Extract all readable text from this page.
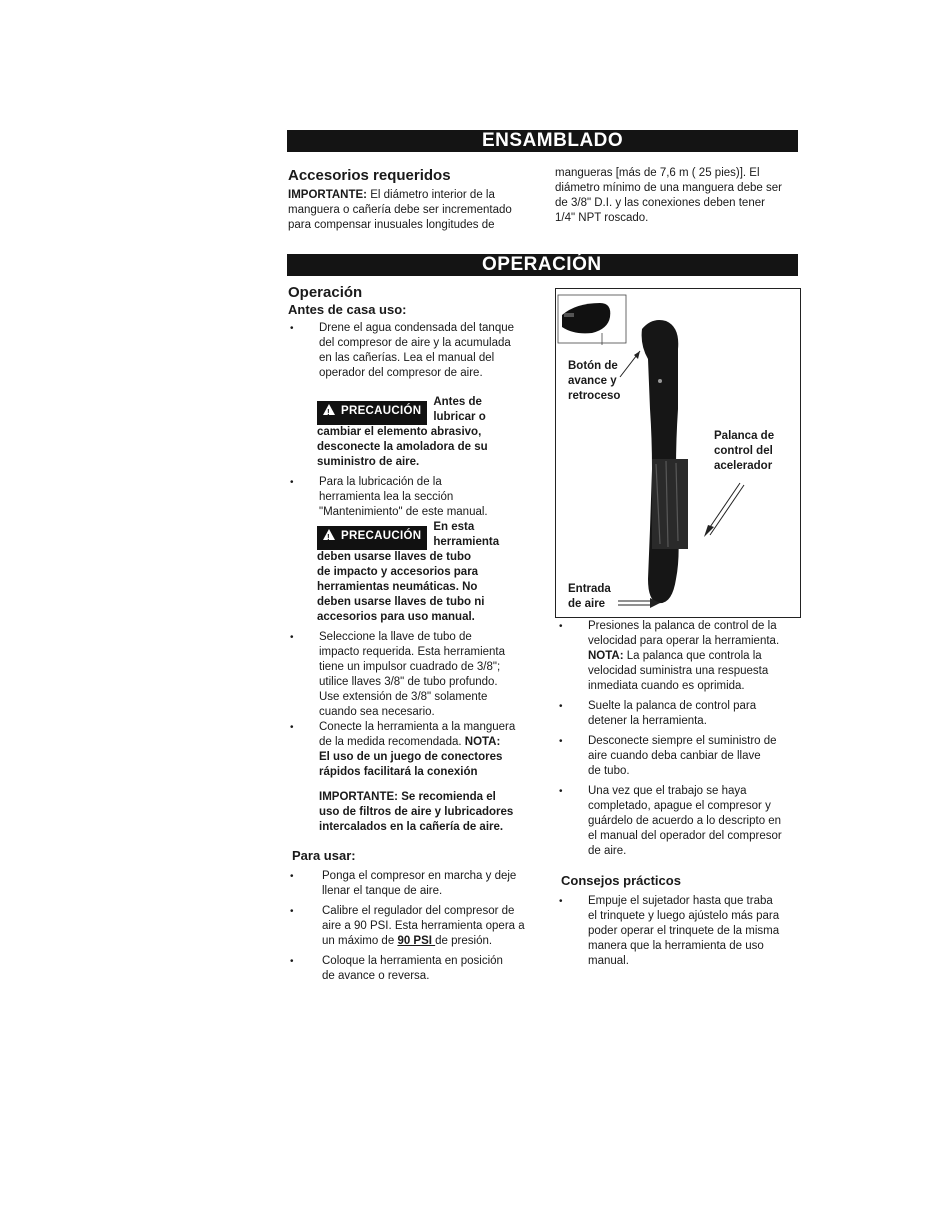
ENSAMBLADO
Accesorios requeridos
IMPORTANTE: El diámetro interior de la
manguera o cañería debe ser incrementado
para compensar inusuales longitudes de
mangueras [más de 7,6 m ( 25 pies)]. El
diámetro mínimo de una manguera debe ser
de 3/8" D.I. y las conexiones deben tener
1/4" NPT roscado.
OPERACIÓN
Operación
Antes de casa uso:
• Drene el agua condensada del tanque
del compresor de aire y la acumulada
en las cañerías. Lea el manual del
operador del compresor de aire.
!PRECAUCIÓN
Antes de
lubricar o
cambiar el elemento abrasivo,
desconecte la amoladora de su
suministro de aire.
• Para la lubricación de la
herramienta lea la sección
"Mantenimiento" de este manual.
!PRECAUCIÓN
En esta
herramienta
deben usarse llaves de tubo
de impacto y accesorios para
herramientas neumáticas. No
deben usarse llaves de tubo ni
accesorios para uso manual.
• Seleccione la llave de tubo de
impacto requerida. Esta herramienta
tiene un impulsor cuadrado de 3/8";
utilice llaves 3/8" de tubo profundo.
Use extensión de 3/8" solamente
cuando sea necesario.
• Conecte la herramienta a la manguera
de la medida recomendada. NOTA:
El uso de un juego de conectores
rápidos facilitará la conexión
IMPORTANTE: Se recomienda el
uso de filtros de aire y lubricadores
intercalados en la cañería de aire.
Para usar:
• Ponga el compresor en marcha y deje
llenar el tanque de aire.
• Calibre el regulador del compresor de
aire a 90 PSI. Esta herramienta opera a
un máximo de 90 PSI de presión.
• Coloque la herramienta en posición
de avance o reversa.
Botón de
avance y
retroceso
Palanca de
control del
acelerador
Entrada
de aire
• Presiones la palanca de control de la
velocidad para operar la herramienta.
NOTA: La palanca que controla la
velocidad suministra una respuesta
inmediata cuando es oprimida.
• Suelte la palanca de control para
detener la herramienta.
• Desconecte siempre el suministro de
aire cuando deba canbiar de llave
de tubo.
• Una vez que el trabajo se haya
completado, apague el compresor y
guárdelo de acuerdo a lo descripto en
el manual del operador del compresor
de aire.
Consejos prácticos
• Empuje el sujetador hasta que traba
el trinquete y luego ajústelo más para
poder operar el trinquete de la misma
manera que la herramienta de uso
manual.
